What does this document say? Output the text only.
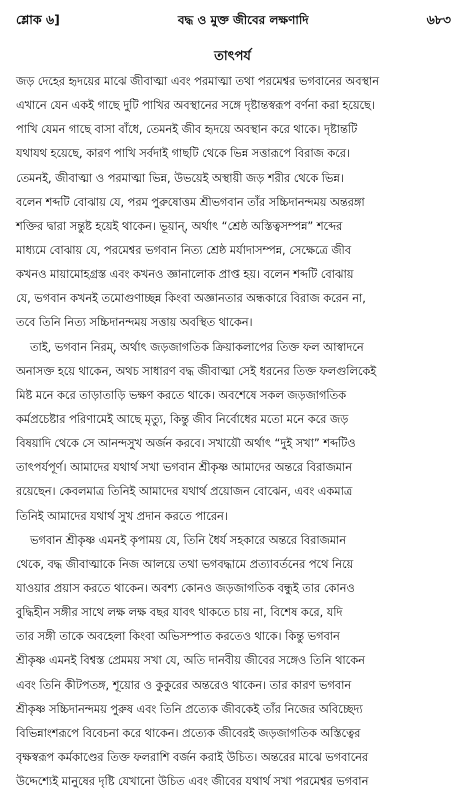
শ্লোক ৬]	বদ্ধ ও মুক্ত জীবের লক্ষণাদি	৬৮৩
তাৎপর্য
জড় দেহের হৃদয়ের মাঝে জীবাত্মা এবং পরমাত্মা তথা পরমেশ্বর ভগবানের অবস্থান
এখানে যেন একই গাছে দুটি পাখির অবস্থানের সঙ্গে দৃষ্টান্তস্বরূপ বর্ণনা করা হয়েছে।
পাখি যেমন গাছে বাসা বাঁধে, তেমনই জীব হৃদয়ে অবস্থান করে থাকে। দৃষ্টান্তটি
যথাযথ হয়েছে, কারণ পাখি সর্বদাই গাছটি থেকে ভিন্ন সত্তারূপে বিরাজ করে।
তেমনই, জীবাত্মা ও পরমাত্মা ভিন্ন, উভয়েই অস্থায়ী জড় শরীর থেকে ভিন্ন।
বলেন শব্দটি বোঝায় যে, পরম পুরুষোত্তম শ্রীভগবান তাঁর সচ্চিদানন্দময় অন্তরঙ্গা
শক্তির দ্বারা সন্তুষ্ট হয়েই থাকেন। ভূয়ান্, অর্থাৎ “শ্রেষ্ঠ অস্তিত্বসম্পন্ন” শব্দের
মাধ্যমে বোঝায় যে, পরমেশ্বর ভগবান নিত্য শ্রেষ্ঠ মর্যাদাসম্পন্ন, সেক্ষেত্রে জীব
কখনও মায়ামোহগ্রস্ত এবং কখনও জ্ঞানালোক প্রাপ্ত হয়। বলেন শব্দটি বোঝায়
যে, ভগবান কখনই তমোগুণাচ্ছন্ন কিংবা অজ্ঞানতার অন্ধকারে বিরাজ করেন না,
তবে তিনি নিত্য সচ্চিদানন্দময় সত্তায় অবস্থিত থাকেন।
তাই, ভগবান নিরম্, অর্থাৎ জড়জাগতিক ক্রিয়াকলাপের তিক্ত ফল আস্বাদনে
অনাসক্ত হয়ে থাকেন, অথচ সাধারণ বদ্ধ জীবাত্মা সেই ধরনের তিক্ত ফলগুলিকেই
মিষ্ট মনে করে তাড়াতাড়ি ভক্ষণ করতে থাকে। অবশেষে সকল জড়জাগতিক
কর্মপ্রচেষ্টার পরিণামেই আছে মৃত্যু, কিন্তু জীব নির্বোধের মতো মনে করে জড়
বিষয়াদি থেকে সে আনন্দসুখ অর্জন করবে। সখায়ৌ অর্থাৎ “দুই সখা” শব্দটিও
তাৎপর্যপূর্ণ। আমাদের যথার্থ সখা ভগবান শ্রীকৃষ্ণ আমাদের অন্তরে বিরাজমান
রয়েছেন। কেবলমাত্র তিনিই আমাদের যথার্থ প্রয়োজন বোঝেন, এবং একমাত্র
তিনিই আমাদের যথার্থ সুখ প্রদান করতে পারেন।
ভগবান শ্রীকৃষ্ণ এমনই কৃপাময় যে, তিনি ধৈর্য সহকারে অন্তরে বিরাজমান
থেকে, বদ্ধ জীবাত্মাকে নিজ আলয়ে তথা ভগবদ্ধামে প্রত্যাবর্তনের পথে নিয়ে
যাওয়ার প্রয়াস করতে থাকেন। অবশ্য কোনও জড়জাগতিক বন্ধুই তার কোনও
বুদ্ধিহীন সঙ্গীর সাথে লক্ষ লক্ষ বছর যাবৎ থাকতে চায় না, বিশেষ করে, যদি
তার সঙ্গী তাকে অবহেলা কিংবা অভিসম্পাত করতেও থাকে। কিন্তু ভগবান
শ্রীকৃষ্ণ এমনই বিশ্বস্ত প্রেমময় সখা যে, অতি দানবীয় জীবের সঙ্গেও তিনি থাকেন
এবং তিনি কীটপতঙ্গ, শূয়োর ও কুকুরের অন্তরেও থাকেন। তার কারণ ভগবান
শ্রীকৃষ্ণ সচ্চিদানন্দময় পুরুষ এবং তিনি প্রত্যেক জীবকেই তাঁর নিজের অবিচ্ছেদ্য
বিভিন্নাংশরূপে বিবেচনা করে থাকেন। প্রত্যেক জীবেরই জড়জাগতিক অস্তিত্বের
বৃক্ষস্বরূপ কর্মকাণ্ডের তিক্ত ফলরাশি বর্জন করাই উচিত। অন্তরের মাঝে ভগবানের
উদ্দেশ্যেই মানুষের দৃষ্টি যেখানো উচিত এবং জীবের যথার্থ সখা পরমেশ্বর ভগবান
